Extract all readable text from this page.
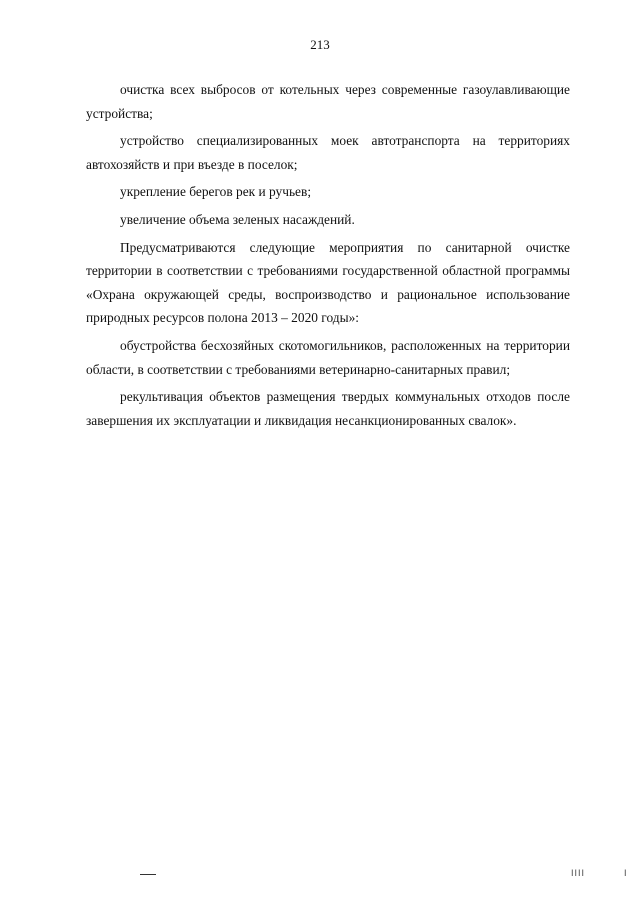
213

очистка всех выбросов от котельных через современные газоулавливающие устройства;

устройство специализированных моек автотранспорта на территориях автохозяйств и при въезде в поселок;

укрепление берегов рек и ручьев;

увеличение объема зеленых насаждений.

Предусматриваются следующие мероприятия по санитарной очистке территории в соответствии с требованиями государственной областной программы «Охрана окружающей среды, воспроизводство и рациональное использование природных ресурсов полона 2013 – 2020 годы»:

обустройства бесхозяйных скотомогильников, расположенных на территории области, в соответствии с требованиями ветеринарно-санитарных правил;

рекультивация объектов размещения твердых коммунальных отходов после завершения их эксплуатации и ликвидация несанкционированных свалок».

IIII	I
